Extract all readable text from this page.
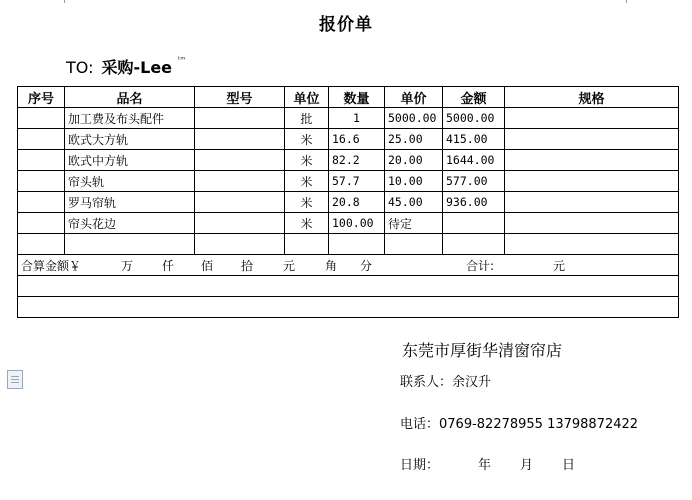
报价单
TO: 采购-Lee $^{ᵗᵐ}$
序号	品名	型号	单位	数量	单价	金额	规格
	加工费及布头配件		批	1	5000.00	5000.00	
	欧式大方轨		米	16.6	25.00	415.00	
	欧式中方轨		米	82.2	20.00	1644.00	
	帘头轨		米	57.7	10.00	577.00	
	罗马帘轨		米	20.8	45.00	936.00	
	帘头花边		米	100.00	待定		

合算金额￥ 万 仟 佰 拾 元 角 分 合计: 元							

东莞市厚街华清窗帘店
联系人：余汉升
电话：0769-82278955 13798872422
日期：	年 月 日
